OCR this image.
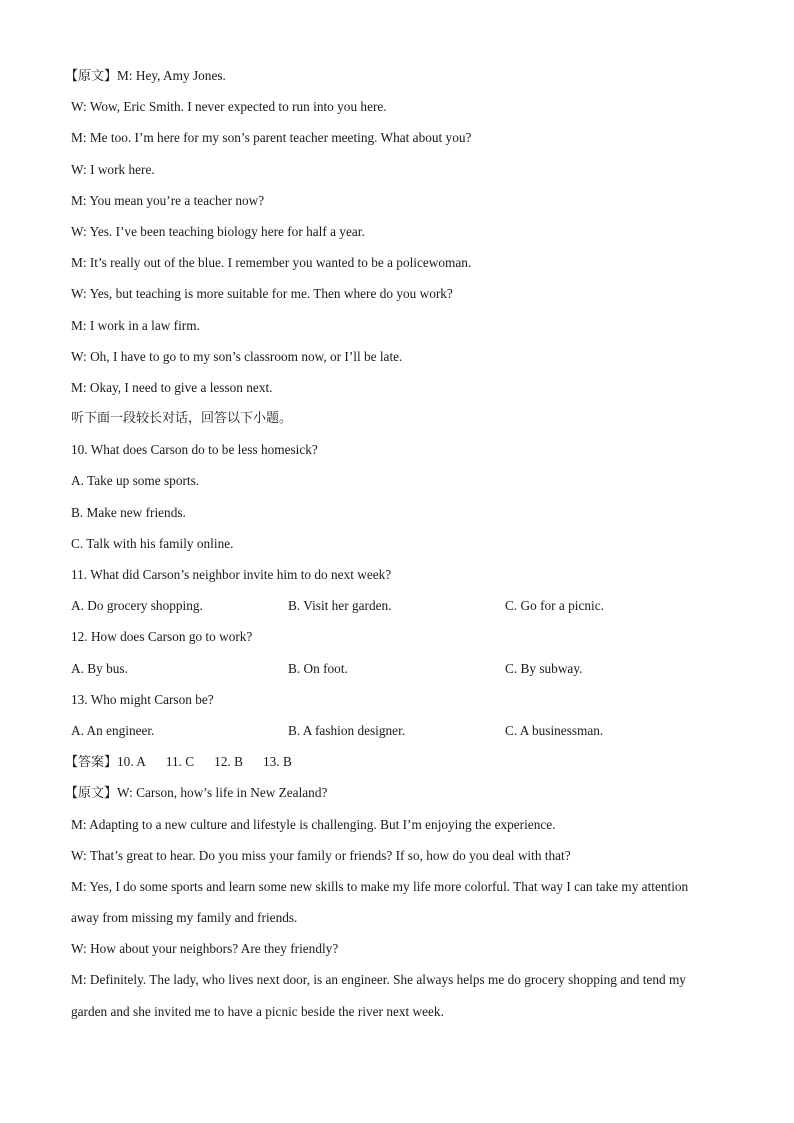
【原文】M: Hey, Amy Jones.
W: Wow, Eric Smith. I never expected to run into you here.
M: Me too. I’m here for my son’s parent teacher meeting. What about you?
W: I work here.
M: You mean you’re a teacher now?
W: Yes. I’ve been teaching biology here for half a year.
M: It’s really out of the blue. I remember you wanted to be a policewoman.
W: Yes, but teaching is more suitable for me. Then where do you work?
M: I work in a law firm.
W: Oh, I have to go to my son’s classroom now, or I’ll be late.
M: Okay, I need to give a lesson next.
听下面一段较长对话，回答以下小题。
10. What does Carson do to be less homesick?
A. Take up some sports.
B. Make new friends.
C. Talk with his family online.
11. What did Carson’s neighbor invite him to do next week?
A. Do grocery shopping.	B. Visit her garden.	C. Go for a picnic.
12. How does Carson go to work?
A. By bus.	B. On foot.	C. By subway.
13. Who might Carson be?
A. An engineer.	B. A fashion designer.	C. A businessman.
【答案】10. A 11. C 12. B 13. B
【原文】W: Carson, how’s life in New Zealand?
M: Adapting to a new culture and lifestyle is challenging. But I’m enjoying the experience.
W: That’s great to hear. Do you miss your family or friends? If so, how do you deal with that?
M: Yes, I do some sports and learn some new skills to make my life more colorful. That way I can take my attention
away from missing my family and friends.
W: How about your neighbors? Are they friendly?
M: Definitely. The lady, who lives next door, is an engineer. She always helps me do grocery shopping and tend my
garden and she invited me to have a picnic beside the river next week.
